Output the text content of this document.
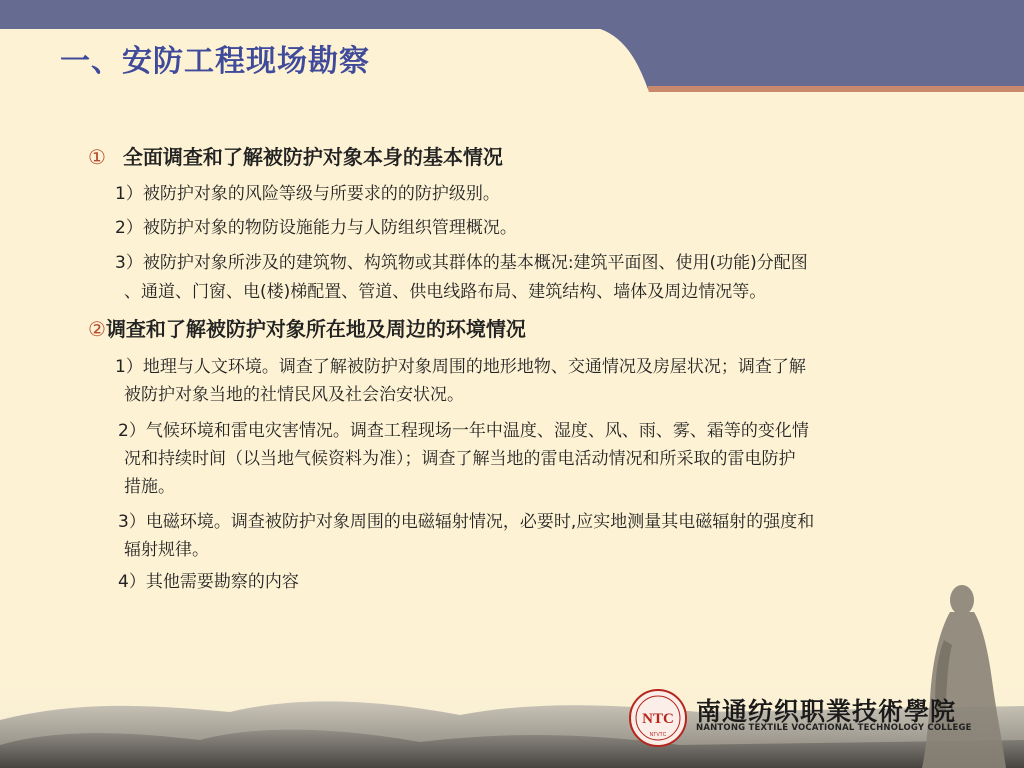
一、安防工程现场勘察
① 全面调查和了解被防护对象本身的基本情况
1）被防护对象的风险等级与所要求的的防护级别。
2）被防护对象的物防设施能力与人防组织管理概况。
3）被防护对象所涉及的建筑物、构筑物或其群体的基本概况:建筑平面图、使用(功能)分配图
、通道、门窗、电(楼)梯配置、管道、供电线路布局、建筑结构、墙体及周边情况等。
②调查和了解被防护对象所在地及周边的环境情况
1）地理与人文环境。调查了解被防护对象周围的地形地物、交通情况及房屋状况；调查了解
被防护对象当地的社情民风及社会治安状况。
2）气候环境和雷电灾害情况。调查工程现场一年中温度、湿度、风、雨、雾、霜等的变化情
况和持续时间（以当地气候资料为准）；调查了解当地的雷电活动情况和所采取的雷电防护
措施。
3）电磁环境。调查被防护对象周围的电磁辐射情况，必要时,应实地测量其电磁辐射的强度和
辐射规律。
4）其他需要勘察的内容
NTC
NTVTC
南通纺织职業技術學院
NANTONG TEXTILE VOCATIONAL TECHNOLOGY COLLEGE
